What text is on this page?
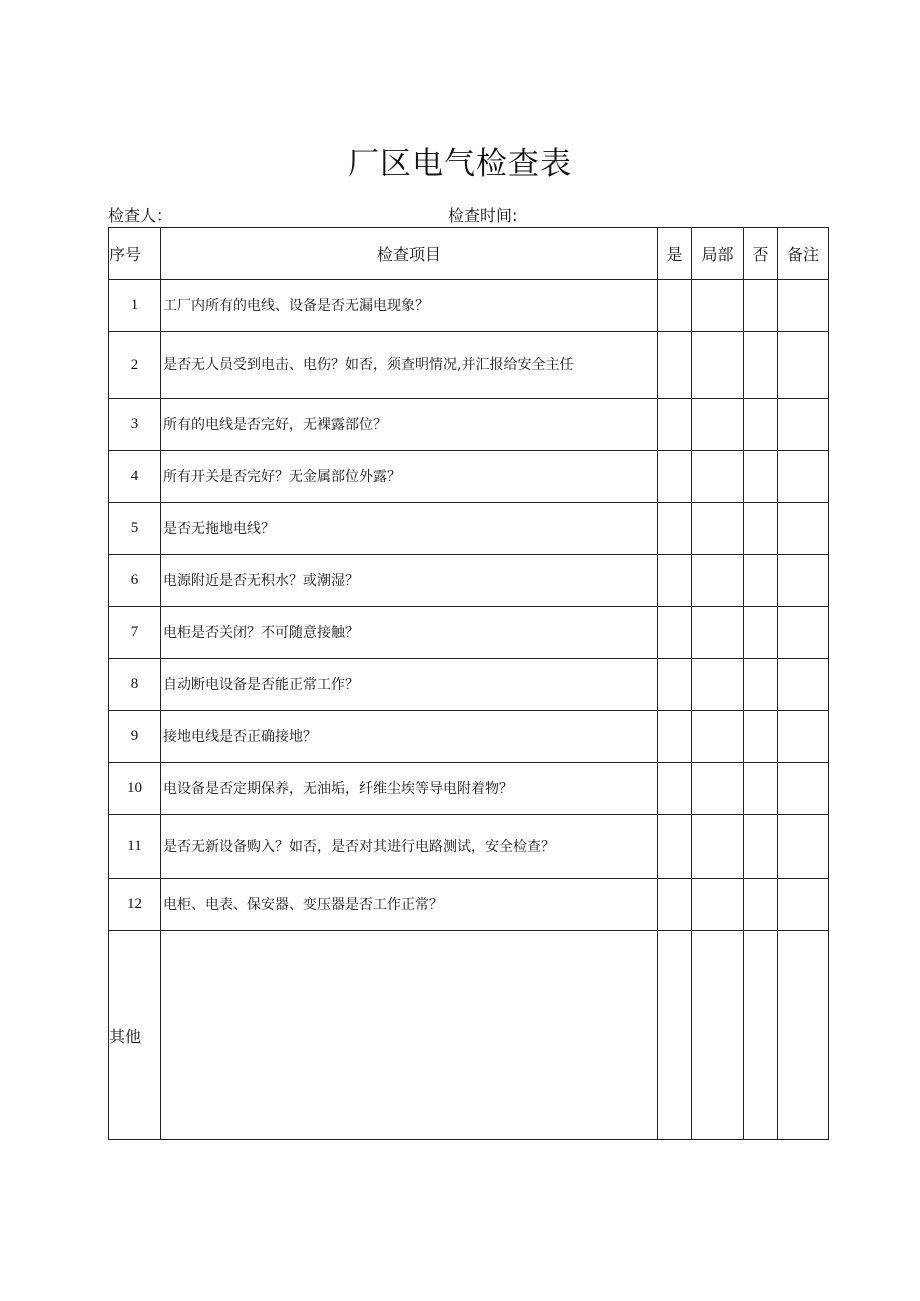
厂区电气检查表
检查人：	检查时间:
序号	检查项目	是	局部	否	备注
1	工厂内所有的电线、设备是否无漏电现象？				
2	是否无人员受到电击、电伤？如否，须查明情况,并汇报给安全主任				
3	所有的电线是否完好，无裸露部位？				
4	所有开关是否完好？无金属部位外露？				
5	是否无拖地电线？				
6	电源附近是否无积水？或潮湿？				
7	电柜是否关闭？不可随意接触？				
8	自动断电设备是否能正常工作？				
9	接地电线是否正确接地？				
10	电设备是否定期保养，无油垢，纤维尘埃等导电附着物？				
11	是否无新设备购入？如否，是否对其进行电路测试，安全检查？				
12	电柜、电表、保安器、变压器是否工作正常？				
其他					
